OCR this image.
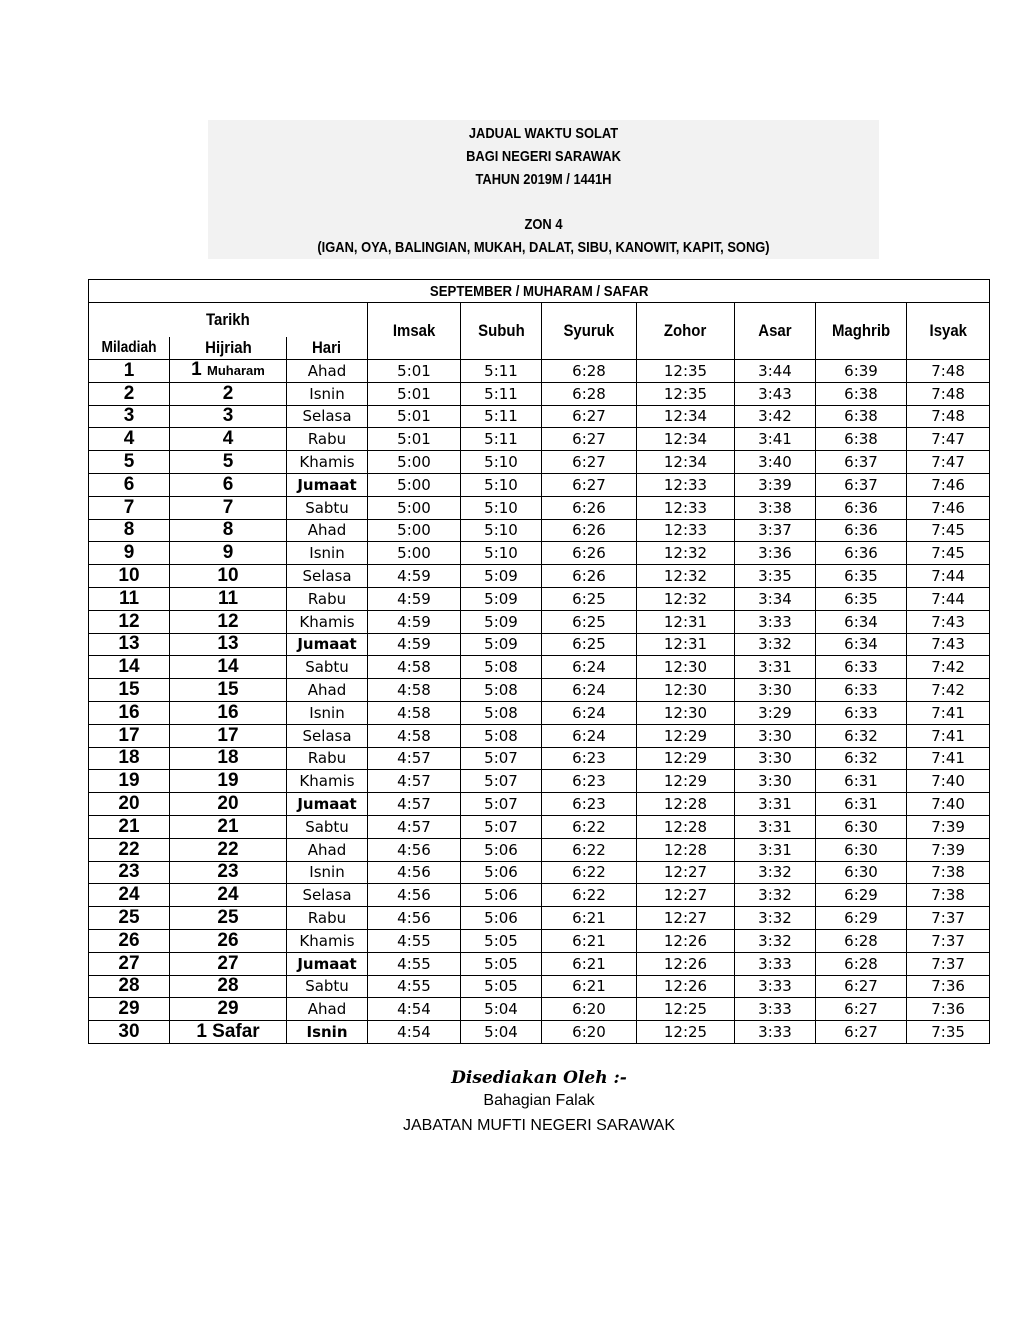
JADUAL WAKTU SOLAT
BAGI NEGERI SARAWAK
TAHUN 2019M / 1441H
ZON 4
(IGAN, OYA, BALINGIAN, MUKAH, DALAT, SIBU, KANOWIT, KAPIT, SONG)
SEPTEMBER / MUHARAM / SAFAR									
Tarikh			Imsak	Subuh	Syuruk	Zohor	Asar	Maghrib	Isyak
Miladiah	Hijriah	Hari							
1	1 Muharam	Ahad	5:01	5:11	6:28	12:35	3:44	6:39	7:48
2	2	Isnin	5:01	5:11	6:28	12:35	3:43	6:38	7:48
3	3	Selasa	5:01	5:11	6:27	12:34	3:42	6:38	7:48
4	4	Rabu	5:01	5:11	6:27	12:34	3:41	6:38	7:47
5	5	Khamis	5:00	5:10	6:27	12:34	3:40	6:37	7:47
6	6	Jumaat	5:00	5:10	6:27	12:33	3:39	6:37	7:46
7	7	Sabtu	5:00	5:10	6:26	12:33	3:38	6:36	7:46
8	8	Ahad	5:00	5:10	6:26	12:33	3:37	6:36	7:45
9	9	Isnin	5:00	5:10	6:26	12:32	3:36	6:36	7:45
10	10	Selasa	4:59	5:09	6:26	12:32	3:35	6:35	7:44
11	11	Rabu	4:59	5:09	6:25	12:32	3:34	6:35	7:44
12	12	Khamis	4:59	5:09	6:25	12:31	3:33	6:34	7:43
13	13	Jumaat	4:59	5:09	6:25	12:31	3:32	6:34	7:43
14	14	Sabtu	4:58	5:08	6:24	12:30	3:31	6:33	7:42
15	15	Ahad	4:58	5:08	6:24	12:30	3:30	6:33	7:42
16	16	Isnin	4:58	5:08	6:24	12:30	3:29	6:33	7:41
17	17	Selasa	4:58	5:08	6:24	12:29	3:30	6:32	7:41
18	18	Rabu	4:57	5:07	6:23	12:29	3:30	6:32	7:41
19	19	Khamis	4:57	5:07	6:23	12:29	3:30	6:31	7:40
20	20	Jumaat	4:57	5:07	6:23	12:28	3:31	6:31	7:40
21	21	Sabtu	4:57	5:07	6:22	12:28	3:31	6:30	7:39
22	22	Ahad	4:56	5:06	6:22	12:28	3:31	6:30	7:39
23	23	Isnin	4:56	5:06	6:22	12:27	3:32	6:30	7:38
24	24	Selasa	4:56	5:06	6:22	12:27	3:32	6:29	7:38
25	25	Rabu	4:56	5:06	6:21	12:27	3:32	6:29	7:37
26	26	Khamis	4:55	5:05	6:21	12:26	3:32	6:28	7:37
27	27	Jumaat	4:55	5:05	6:21	12:26	3:33	6:28	7:37
28	28	Sabtu	4:55	5:05	6:21	12:26	3:33	6:27	7:36
29	29	Ahad	4:54	5:04	6:20	12:25	3:33	6:27	7:36
30	1 Safar	Isnin	4:54	5:04	6:20	12:25	3:33	6:27	7:35
Disediakan Oleh :-
Bahagian Falak
JABATAN MUFTI NEGERI SARAWAK
